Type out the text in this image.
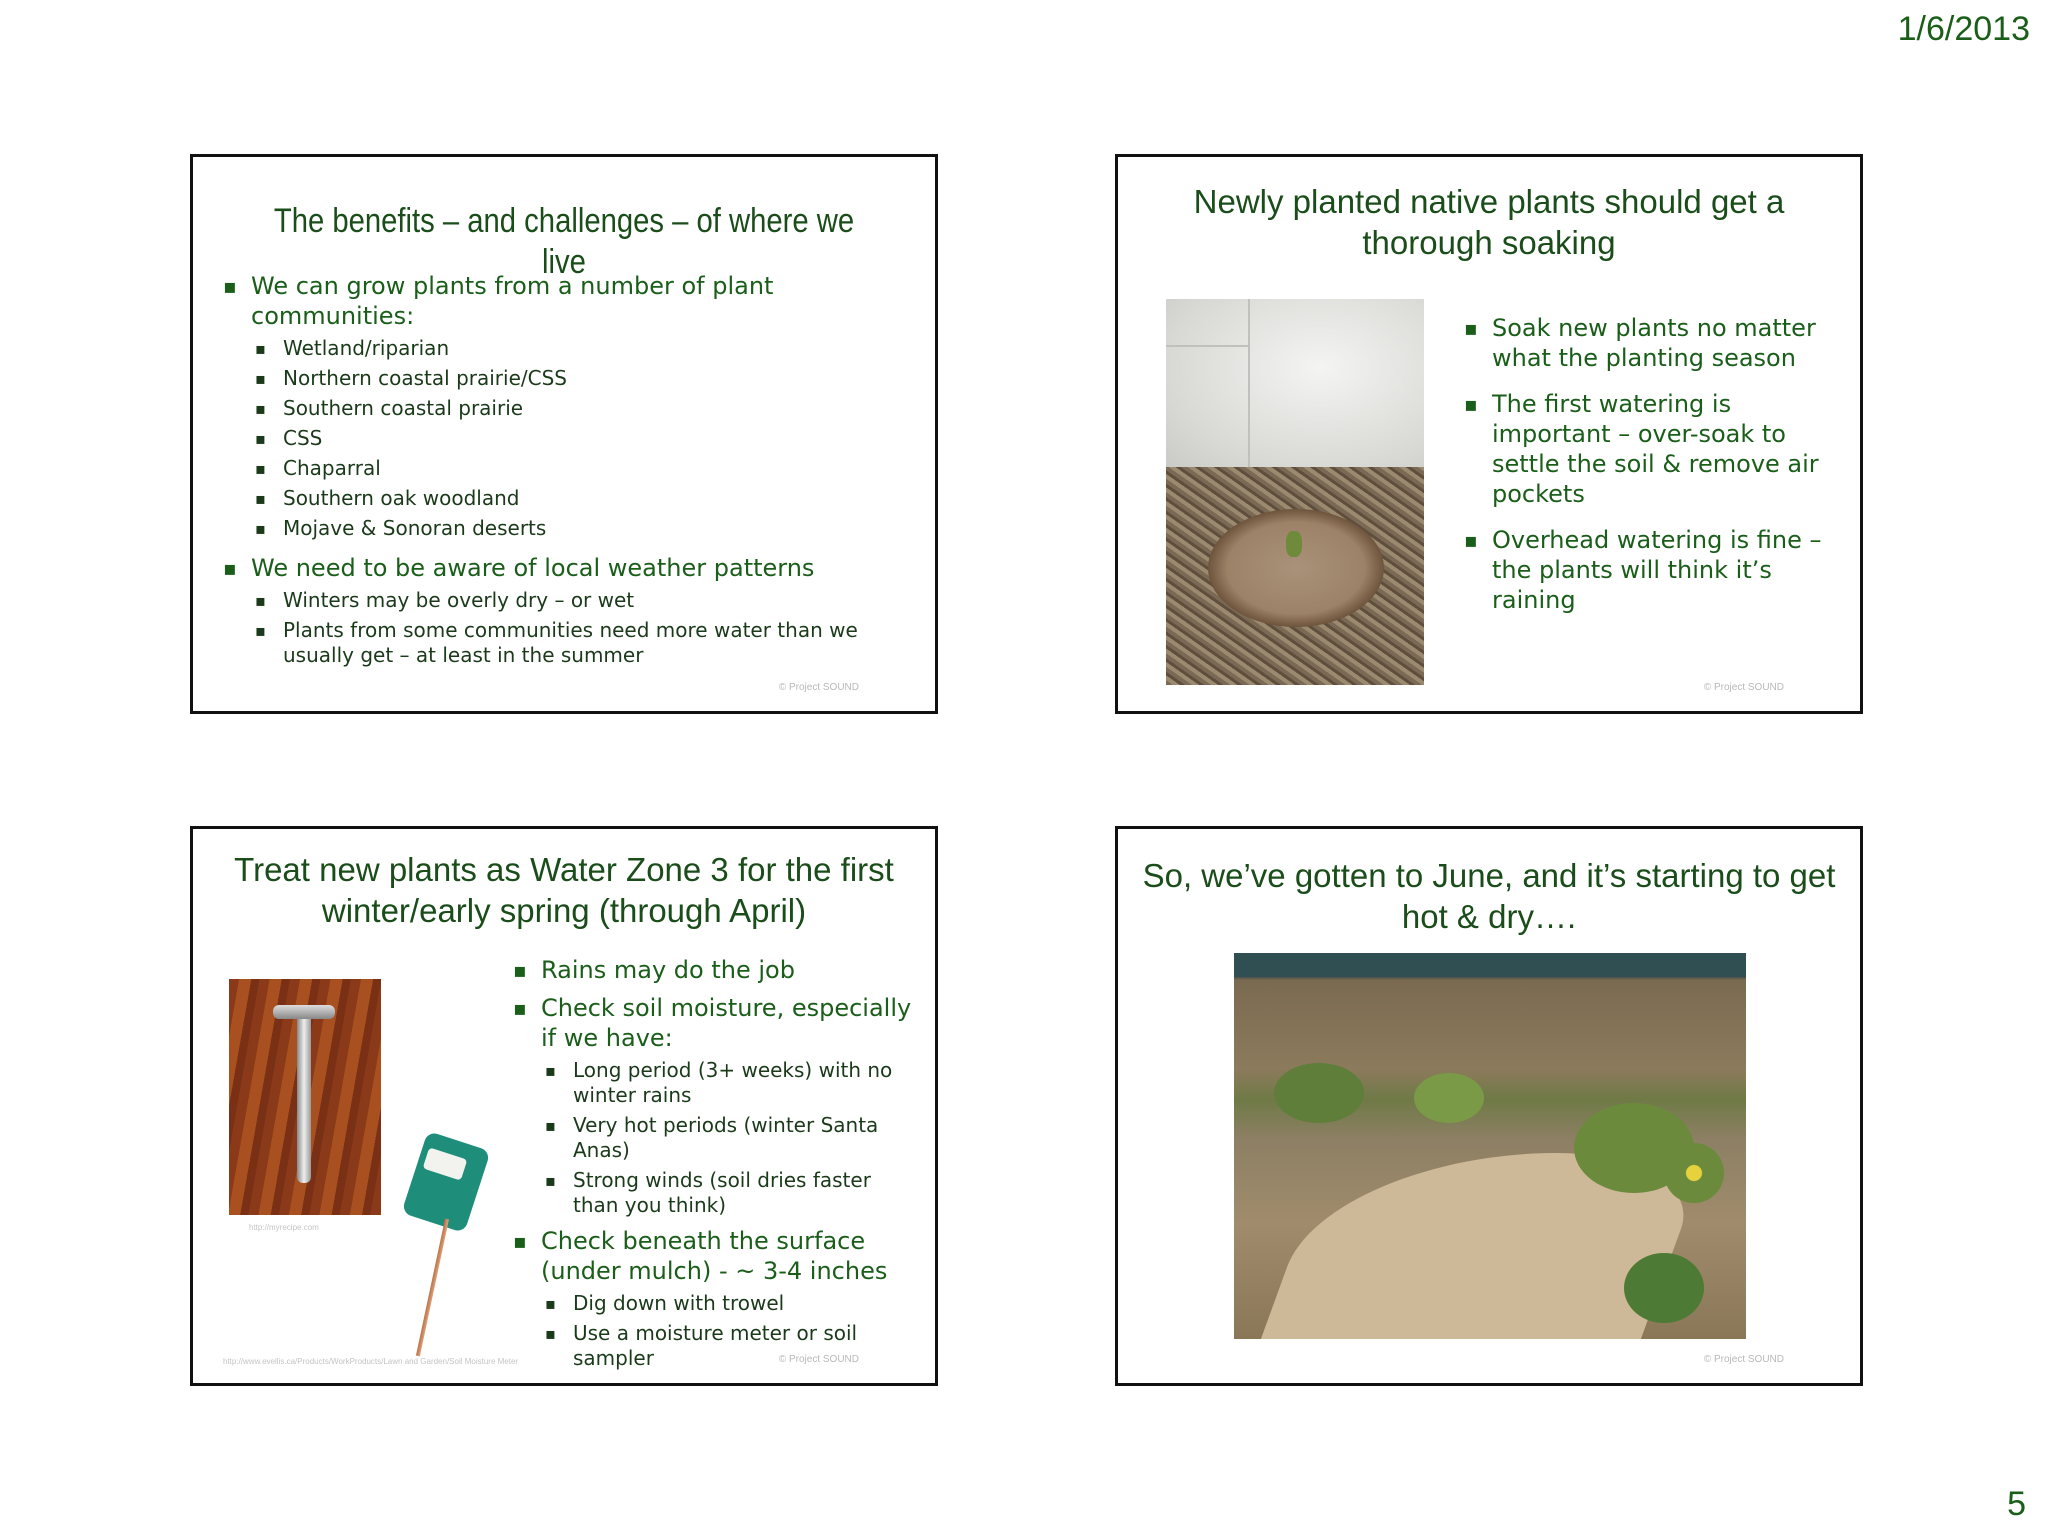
1/6/2013
The benefits – and challenges – of where we live
▪ We can grow plants from a number of plant communities:
▪ Wetland/riparian
▪ Northern coastal prairie/CSS
▪ Southern coastal prairie
▪ CSS
▪ Chaparral
▪ Southern oak woodland
▪ Mojave & Sonoran deserts
▪ We need to be aware of local weather patterns
▪ Winters may be overly dry – or wet
▪ Plants from some communities need more water than we usually get – at least in the summer
© Project SOUND
Newly planted native plants should get a thorough soaking
▪ Soak new plants no matter what the planting season
▪ The first watering is important – over-soak to settle the soil & remove air pockets
▪ Overhead watering is fine – the plants will think it’s raining
© Project SOUND
Treat new plants as Water Zone 3 for the first winter/early spring (through April)
http://myrecipe.com
http://www.evellis.ca/Products/WorkProducts/Lawn and Garden/Soil Moisture Meter
▪ Rains may do the job
▪ Check soil moisture, especially if we have:
▪ Long period (3+ weeks) with no winter rains
▪ Very hot periods (winter Santa Anas)
▪ Strong winds (soil dries faster than you think)
▪ Check beneath the surface (under mulch) - ~ 3-4 inches
▪ Dig down with trowel
▪ Use a moisture meter or soil sampler	© Project SOUND
So, we’ve gotten to June, and it’s starting to get hot & dry….
© Project SOUND
5
